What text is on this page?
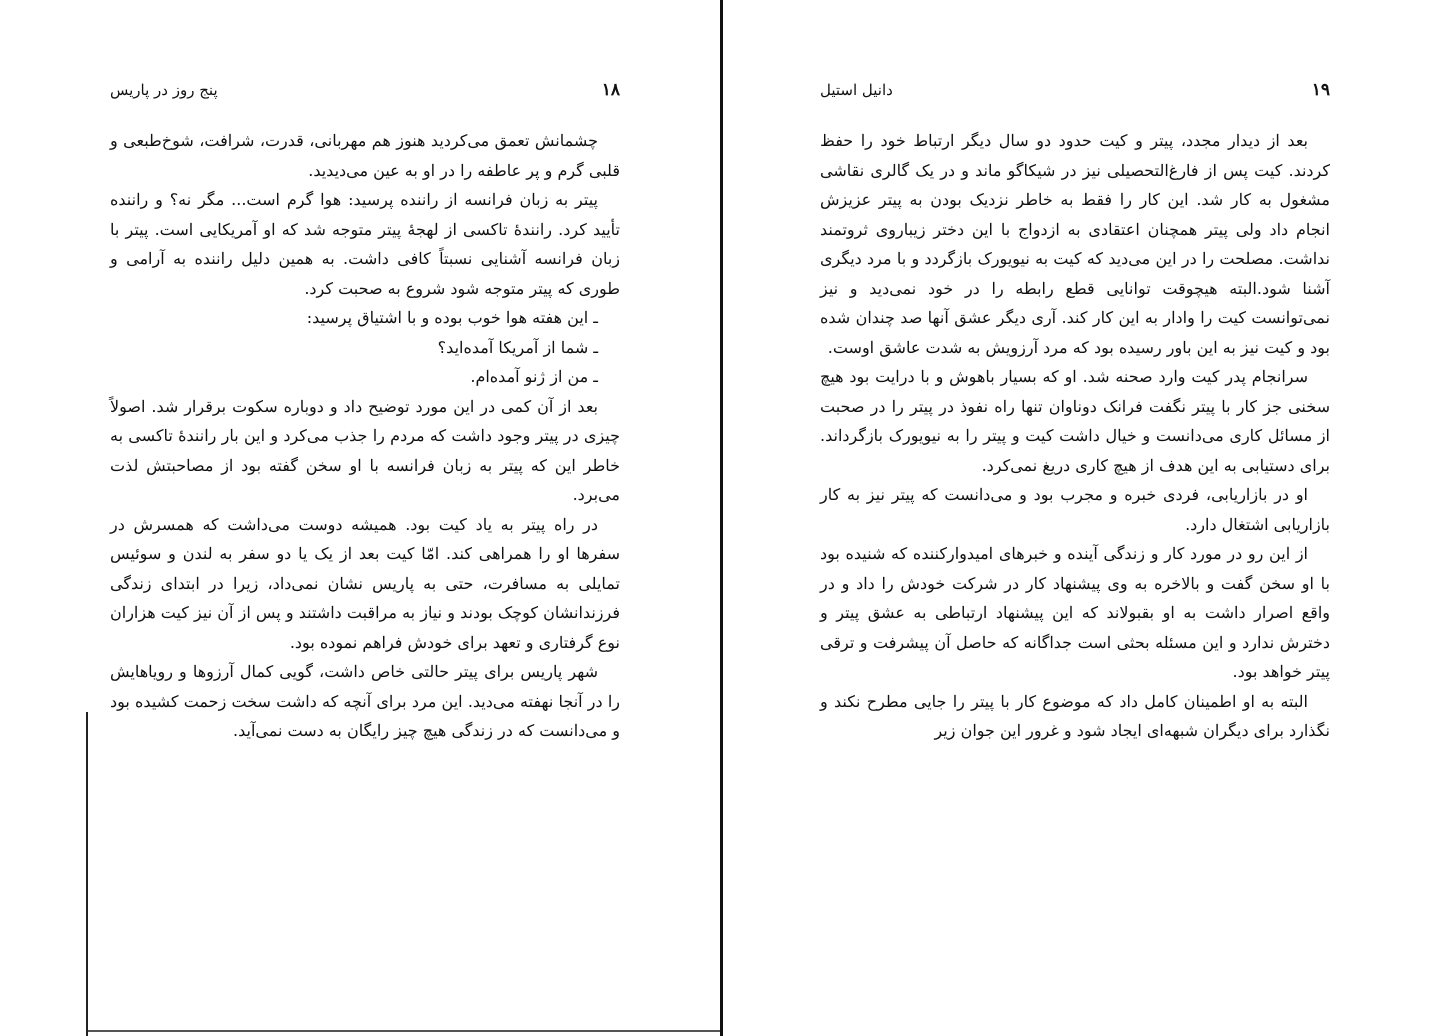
۱۸
پنج روز در پاریس

چشمانش تعمق می‌کردید هنوز هم مهربانی، قدرت، شرافت، شوخ‌طبعی و قلبی گرم و پر عاطفه را در او به عین می‌دیدید.

پیتر به زبان فرانسه از راننده پرسید: هوا گرم است... مگر نه؟ و راننده تأیید کرد. رانندهٔ تاکسی از لهجهٔ پیتر متوجه شد که او آمریکایی است. پیتر با زبان فرانسه آشنایی نسبتاً کافی داشت. به همین دلیل راننده به آرامی و طوری که پیتر متوجه شود شروع به صحبت کرد.

ـ این هفته هوا خوب بوده و با اشتیاق پرسید:

ـ شما از آمریکا آمده‌اید؟

ـ من از ژنو آمده‌ام.

بعد از آن کمی در این مورد توضیح داد و دوباره سکوت برقرار شد. اصولاً چیزی در پیتر وجود داشت که مردم را جذب می‌کرد و این بار رانندهٔ تاکسی به خاطر این که پیتر به زبان فرانسه با او سخن گفته بود از مصاحبتش لذت می‌برد.

در راه پیتر به یاد کیت بود. همیشه دوست می‌داشت که همسرش در سفرها او را همراهی کند. امّا کیت بعد از یک یا دو سفر به لندن و سوئیس تمایلی به مسافرت، حتی به پاریس نشان نمی‌داد، زیرا در ابتدای زندگی فرزندانشان کوچک بودند و نیاز به مراقبت داشتند و پس از آن نیز کیت هزاران نوع گرفتاری و تعهد برای خودش فراهم نموده بود.

شهر پاریس برای پیتر حالتی خاص داشت، گویی کمال آرزوها و رویاهایش را در آنجا نهفته می‌دید. این مرد برای آنچه که داشت سخت زحمت کشیده بود و می‌دانست که در زندگی هیچ چیز رایگان به دست نمی‌آید.

۱۹
دانیل استیل

بعد از دیدار مجدد، پیتر و کیت حدود دو سال دیگر ارتباط خود را حفظ کردند. کیت پس از فارغ‌التحصیلی نیز در شیکاگو ماند و در یک گالری نقاشی مشغول به کار شد. این کار را فقط به خاطر نزدیک بودن به پیتر عزیزش انجام داد ولی پیتر همچنان اعتقادی به ازدواج با این دختر زیباروی ثروتمند نداشت. مصلحت را در این می‌دید که کیت به نیویورک بازگردد و با مرد دیگری آشنا شود.البته هیچوقت توانایی قطع رابطه را در خود نمی‌دید و نیز نمی‌توانست کیت را وادار به این کار کند. آری دیگر عشق آنها صد چندان شده بود و کیت نیز به این باور رسیده بود که مرد آرزویش به شدت عاشق اوست.

سرانجام پدر کیت وارد صحنه شد. او که بسیار باهوش و با درایت بود هیچ سخنی جز کار با پیتر نگفت فرانک دونا‌وان تنها راه نفوذ در پیتر را در صحبت از مسائل کاری می‌دانست و خیال داشت کیت و پیتر را به نیویورک بازگرداند. برای دستیابی به این هدف از هیچ کاری دریغ نمی‌کرد.

او در بازاریابی، فردی خبره و مجرب بود و می‌دانست که پیتر نیز به کار بازاریابی اشتغال دارد.

از این رو در مورد کار و زندگی آینده و خبرهای امیدوارکننده که شنیده بود با او سخن گفت و بالاخره به وی پیشنهاد کار در شرکت خودش را داد و در واقع اصرار داشت به او بقبولاند که این پیشنهاد ارتباطی به عشق پیتر و دخترش ندارد و این مسئله بحثی است جداگانه که حاصل آن پیشرفت و ترقی پیتر خواهد بود.

البته به او اطمینان کامل داد که موضوع کار با پیتر را جایی مطرح نکند و نگذارد برای دیگران شبهه‌ای ایجاد شود و غرور این جوان زیر
